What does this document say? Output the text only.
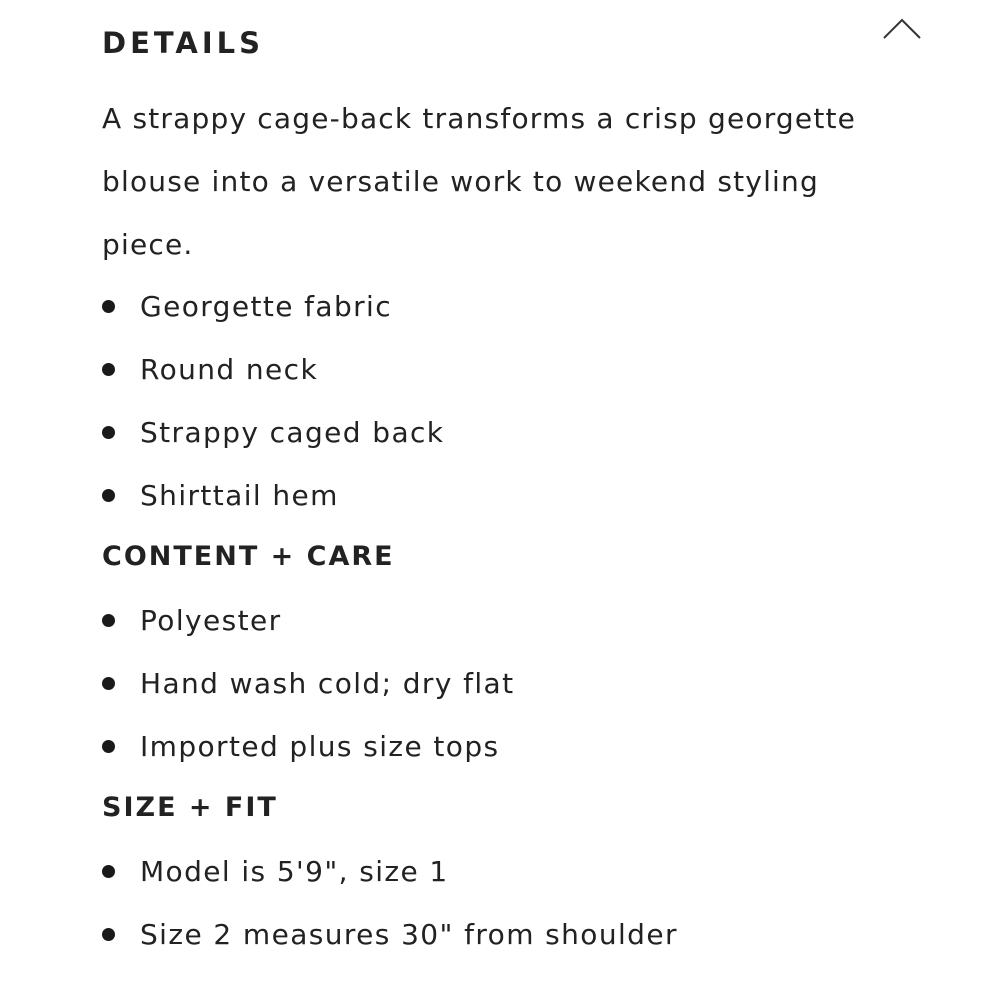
DETAILS

A strappy cage-back transforms a crisp georgette blouse into a versatile work to weekend styling piece.

Georgette fabric
Round neck
Strappy caged back
Shirttail hem
CONTENT + CARE
Polyester
Hand wash cold; dry flat
Imported plus size tops
SIZE + FIT
Model is 5'9", size 1
Size 2 measures 30" from shoulder
